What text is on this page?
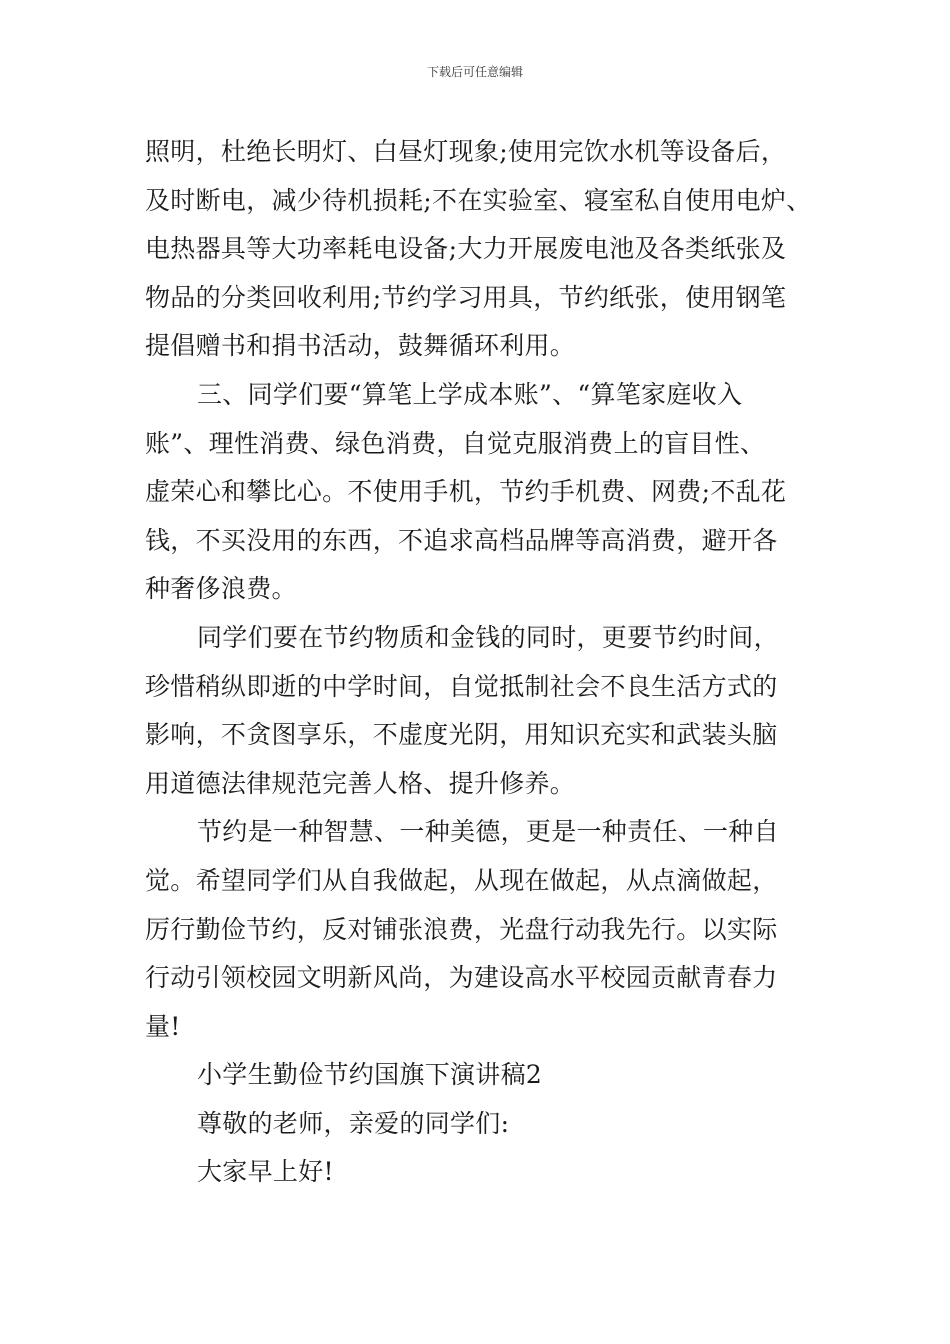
下载后可任意编辑
照明，杜绝长明灯、白昼灯现象;使用完饮水机等设备后，
及时断电，减少待机损耗;不在实验室、寝室私自使用电炉、
电热器具等大功率耗电设备;大力开展废电池及各类纸张及
物品的分类回收利用;节约学习用具，节约纸张，使用钢笔
提倡赠书和捐书活动，鼓舞循环利用。
三、同学们要“算笔上学成本账”、“算笔家庭收入
账”、理性消费、绿色消费，自觉克服消费上的盲目性、
虚荣心和攀比心。不使用手机，节约手机费、网费;不乱花
钱，不买没用的东西，不追求高档品牌等高消费，避开各
种奢侈浪费。
同学们要在节约物质和金钱的同时，更要节约时间，
珍惜稍纵即逝的中学时间，自觉抵制社会不良生活方式的
影响，不贪图享乐，不虚度光阴，用知识充实和武装头脑
用道德法律规范完善人格、提升修养。
节约是一种智慧、一种美德，更是一种责任、一种自
觉。希望同学们从自我做起，从现在做起，从点滴做起，
厉行勤俭节约，反对铺张浪费，光盘行动我先行。以实际
行动引领校园文明新风尚，为建设高水平校园贡献青春力
量!
小学生勤俭节约国旗下演讲稿2
尊敬的老师，亲爱的同学们:
大家早上好!
